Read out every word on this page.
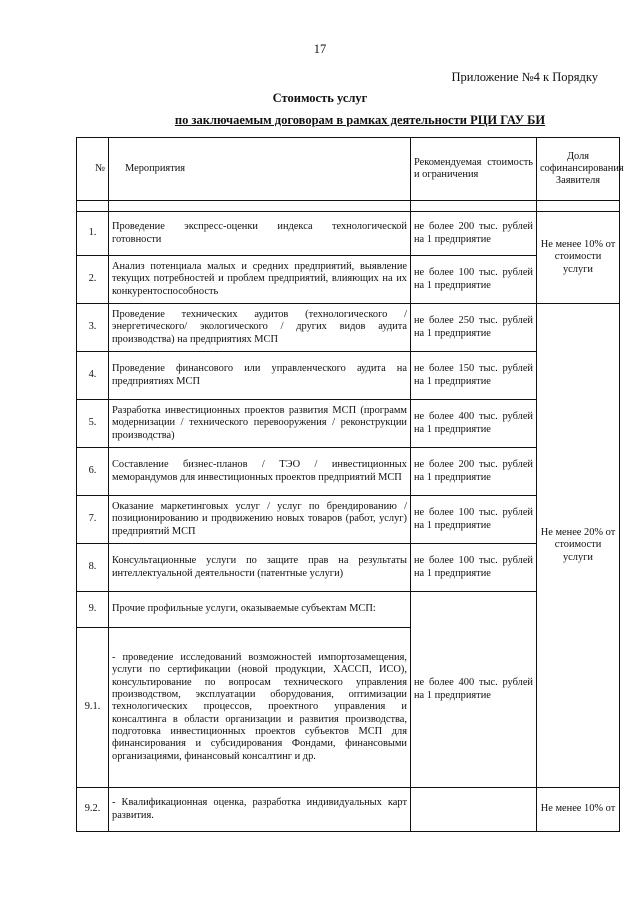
17
Приложение №4 к Порядку
Стоимость услуг
по заключаемым договорам в рамках деятельности РЦИ ГАУ БИ
№	Мероприятия	Рекомендуемая стоимость и ограничения	Доля софинансирования Заявителя

1.	Проведение экспресс-оценки индекса технологической готовности	не более 200 тыс. рублей на 1 предприятие	Не менее 10% от стоимости услуги
2.	Анализ потенциала малых и средних предприятий, выявление текущих потребностей и проблем предприятий, влияющих на их конкурентоспособность	не более 100 тыс. рублей на 1 предприятие	
3.	Проведение технических аудитов (технологического / энергетического/ экологического / других видов аудита производства) на предприятиях МСП	не более 250 тыс. рублей на 1 предприятие	Не менее 20% от стоимости услуги
4.	Проведение финансового или управленческого аудита на предприятиях МСП	не более 150 тыс. рублей на 1 предприятие	
5.	Разработка инвестиционных проектов развития МСП (программ модернизации / технического перевооружения / реконструкции производства)	не более 400 тыс. рублей на 1 предприятие	
6.	Составление бизнес-планов / ТЭО / инвестиционных меморандумов для инвестиционных проектов предприятий МСП	не более 200 тыс. рублей на 1 предприятие	
7.	Оказание маркетинговых услуг / услуг по брендированию / позиционированию и продвижению новых товаров (работ, услуг) предприятий МСП	не более 100 тыс. рублей на 1 предприятие	
8.	Консультационные услуги по защите прав на результаты интеллектуальной деятельности (патентные услуги)	не более 100 тыс. рублей на 1 предприятие	
9.	Прочие профильные услуги, оказываемые субъектам МСП:	не более 400 тыс. рублей на 1 предприятие	
9.1.	- проведение исследований возможностей импортозамещения, услуги по сертификации (новой продукции, ХАССП, ИСО), консультирование по вопросам технического управления производством, эксплуатации оборудования, оптимизации технологических процессов, проектного управления и консалтинга в области организации и развития производства, подготовка инвестиционных проектов субъектов МСП для финансирования и субсидирования Фондами, финансовыми организациями, финансовый консалтинг и др.		
9.2.	- Квалификационная оценка, разработка индивидуальных карт развития.		Не менее 10% от
